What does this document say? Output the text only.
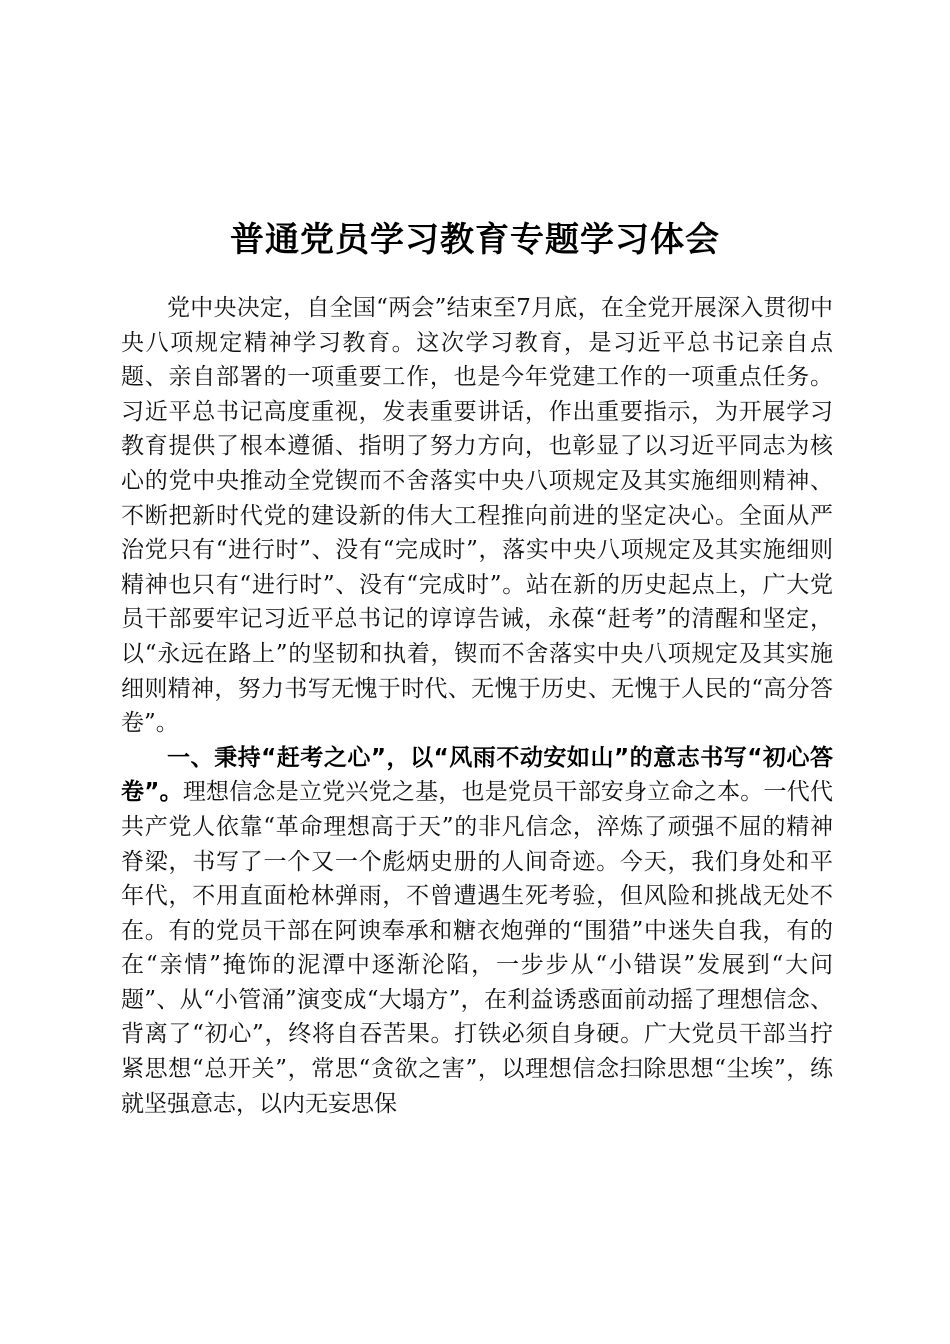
普通党员学习教育专题学习体会

党中央决定，自全国“两会”结束至7月底，在全党开展深入贯彻中央八项规定精神学习教育。这次学习教育，是习近平总书记亲自点题、亲自部署的一项重要工作，也是今年党建工作的一项重点任务。习近平总书记高度重视，发表重要讲话，作出重要指示，为开展学习教育提供了根本遵循、指明了努力方向，也彰显了以习近平同志为核心的党中央推动全党锲而不舍落实中央八项规定及其实施细则精神、不断把新时代党的建设新的伟大工程推向前进的坚定决心。全面从严治党只有“进行时”、没有“完成时”，落实中央八项规定及其实施细则精神也只有“进行时”、没有“完成时”。站在新的历史起点上，广大党员干部要牢记习近平总书记的谆谆告诫，永葆“赶考”的清醒和坚定，以“永远在路上”的坚韧和执着，锲而不舍落实中央八项规定及其实施细则精神，努力书写无愧于时代、无愧于历史、无愧于人民的“高分答卷”。

一、秉持“赶考之心”，以“风雨不动安如山”的意志书写“初心答卷”。理想信念是立党兴党之基，也是党员干部安身立命之本。一代代共产党人依靠“革命理想高于天”的非凡信念，淬炼了顽强不屈的精神脊梁，书写了一个又一个彪炳史册的人间奇迹。今天，我们身处和平年代，不用直面枪林弹雨，不曾遭遇生死考验，但风险和挑战无处不在。有的党员干部在阿谀奉承和糖衣炮弹的“围猎”中迷失自我，有的在“亲情”掩饰的泥潭中逐渐沦陷，一步步从“小错误”发展到“大问题”、从“小管涌”演变成“大塌方”，在利益诱惑面前动摇了理想信念、背离了“初心”，终将自吞苦果。打铁必须自身硬。广大党员干部当拧紧思想“总开关”，常思“贪欲之害”，以理想信念扫除思想“尘埃”，练就坚强意志，以内无妄思保
